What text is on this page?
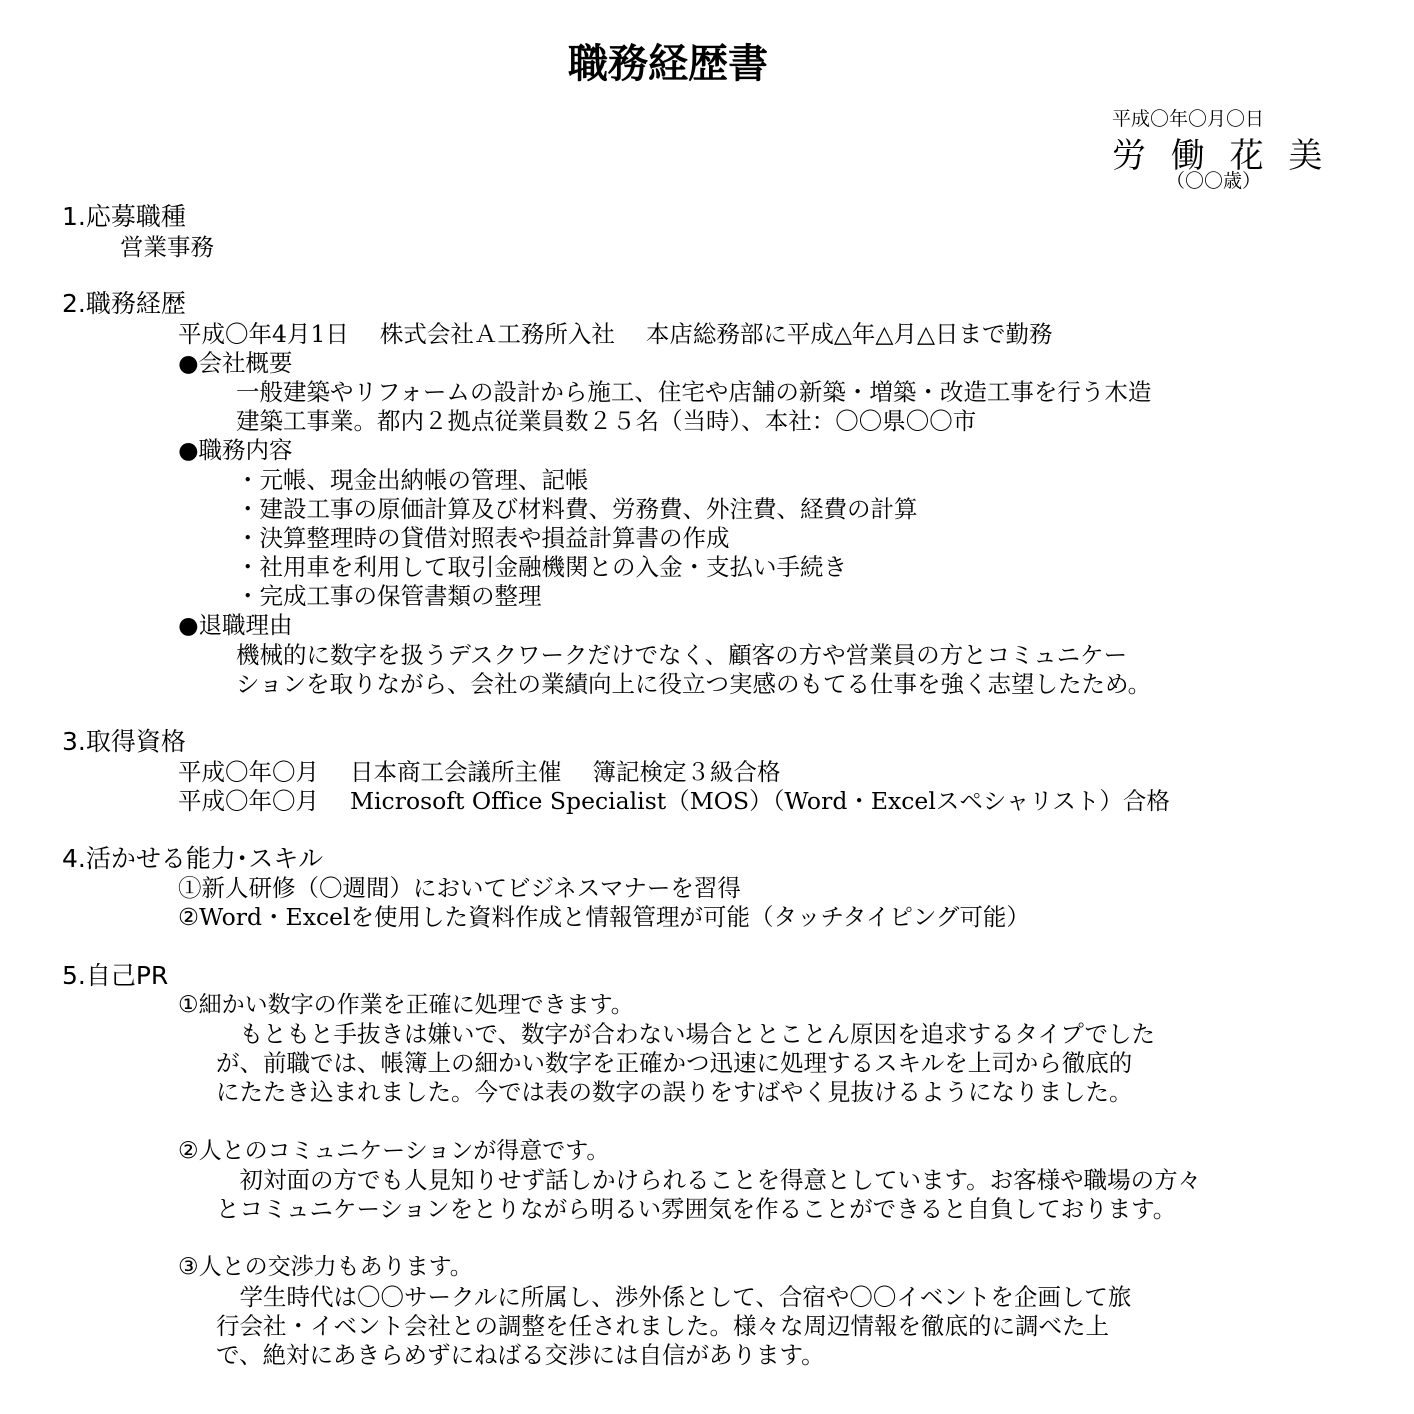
職務経歴書
平成〇年〇月〇日
労 働 花 美
（〇〇歳）
1.応募職種
営業事務
2.職務経歴
平成〇年4月1日　 株式会社Ａ工務所入社　 本店総務部に平成△年△月△日まで勤務
●会社概要
一般建築やリフォームの設計から施工、住宅や店舗の新築・増築・改造工事を行う木造
建築工事業。都内２拠点従業員数２５名（当時）、本社：〇〇県〇〇市
●職務内容
・元帳、現金出納帳の管理、記帳
・建設工事の原価計算及び材料費、労務費、外注費、経費の計算
・決算整理時の貸借対照表や損益計算書の作成
・社用車を利用して取引金融機関との入金・支払い手続き
・完成工事の保管書類の整理
●退職理由
機械的に数字を扱うデスクワークだけでなく、顧客の方や営業員の方とコミュニケー
ションを取りながら、会社の業績向上に役立つ実感のもてる仕事を強く志望したため。
3.取得資格
平成〇年〇月　 日本商工会議所主催　 簿記検定３級合格
平成〇年〇月　 Microsoft Office Specialist（MOS）（Word・Excelスペシャリスト）合格
4.活かせる能力･スキル
①新人研修（〇週間）においてビジネスマナーを習得
②Word・Excelを使用した資料作成と情報管理が可能（タッチタイピング可能）
5.自己PR
①細かい数字の作業を正確に処理できます。
　もともと手抜きは嫌いで、数字が合わない場合ととことん原因を追求するタイプでした
が、前職では、帳簿上の細かい数字を正確かつ迅速に処理するスキルを上司から徹底的
にたたき込まれました。今では表の数字の誤りをすばやく見抜けるようになりました。
②人とのコミュニケーションが得意です。
　初対面の方でも人見知りせず話しかけられることを得意としています。お客様や職場の方々
とコミュニケーションをとりながら明るい雰囲気を作ることができると自負しております。
③人との交渉力もあります。
　学生時代は〇〇サークルに所属し、渉外係として、合宿や〇〇イベントを企画して旅
行会社・イベント会社との調整を任されました。様々な周辺情報を徹底的に調べた上
で、絶対にあきらめずにねばる交渉には自信があります。
